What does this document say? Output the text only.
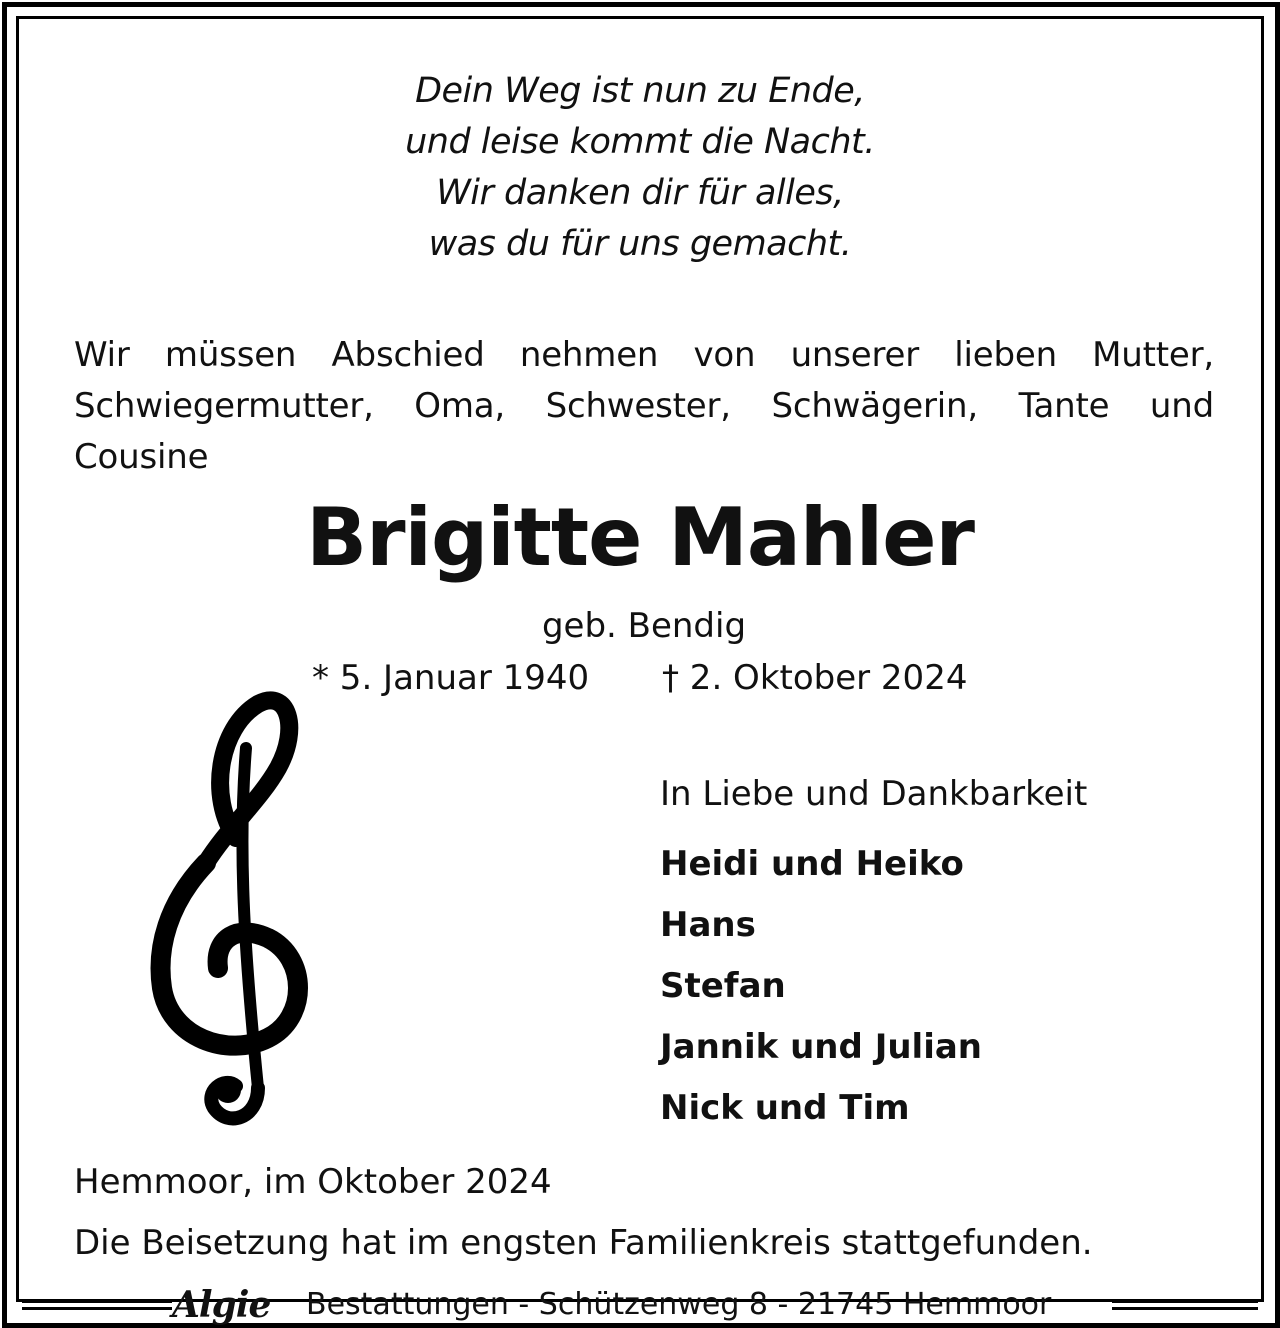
Dein Weg ist nun zu Ende,
und leise kommt die Nacht.
Wir danken dir für alles,
was du für uns gemacht.
Wir müssen Abschied nehmen von unserer lieben Mutter,
Schwiegermutter, Oma, Schwester, Schwägerin, Tante und
Cousine
Brigitte Mahler
geb. Bendig
* 5. Januar 1940 † 2. Oktober 2024
In Liebe und Dankbarkeit
Heidi und Heiko
Hans
Stefan
Jannik und Julian
Nick und Tim
Hemmoor, im Oktober 2024
Die Beisetzung hat im engsten Familienkreis stattgefunden.
Algie Bestattungen - Schützenweg 8 - 21745 Hemmoor
